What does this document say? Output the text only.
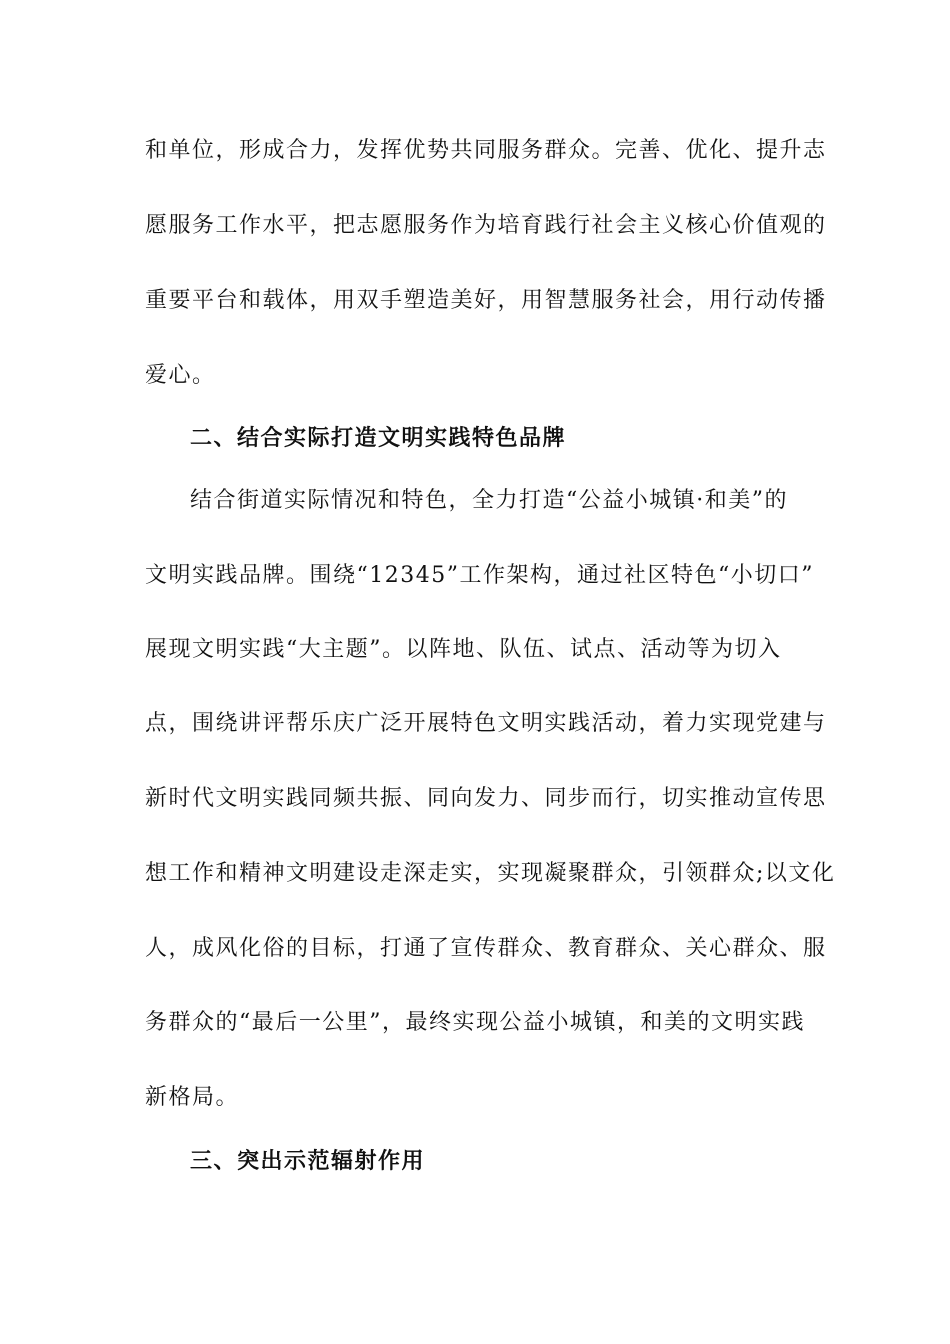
和单位，形成合力，发挥优势共同服务群众。完善、优化、提升志
愿服务工作水平，把志愿服务作为培育践行社会主义核心价值观的
重要平台和载体，用双手塑造美好，用智慧服务社会，用行动传播
爱心。
二、结合实际打造文明实践特色品牌
结合街道实际情况和特色，全力打造“公益小城镇·和美”的
文明实践品牌。围绕“12345”工作架构，通过社区特色“小切口”
展现文明实践“大主题”。以阵地、队伍、试点、活动等为切入
点，围绕讲评帮乐庆广泛开展特色文明实践活动，着力实现党建与
新时代文明实践同频共振、同向发力、同步而行，切实推动宣传思
想工作和精神文明建设走深走实，实现凝聚群众，引领群众;以文化
人，成风化俗的目标，打通了宣传群众、教育群众、关心群众、服
务群众的“最后一公里”，最终实现公益小城镇，和美的文明实践
新格局。
三、突出示范辐射作用
